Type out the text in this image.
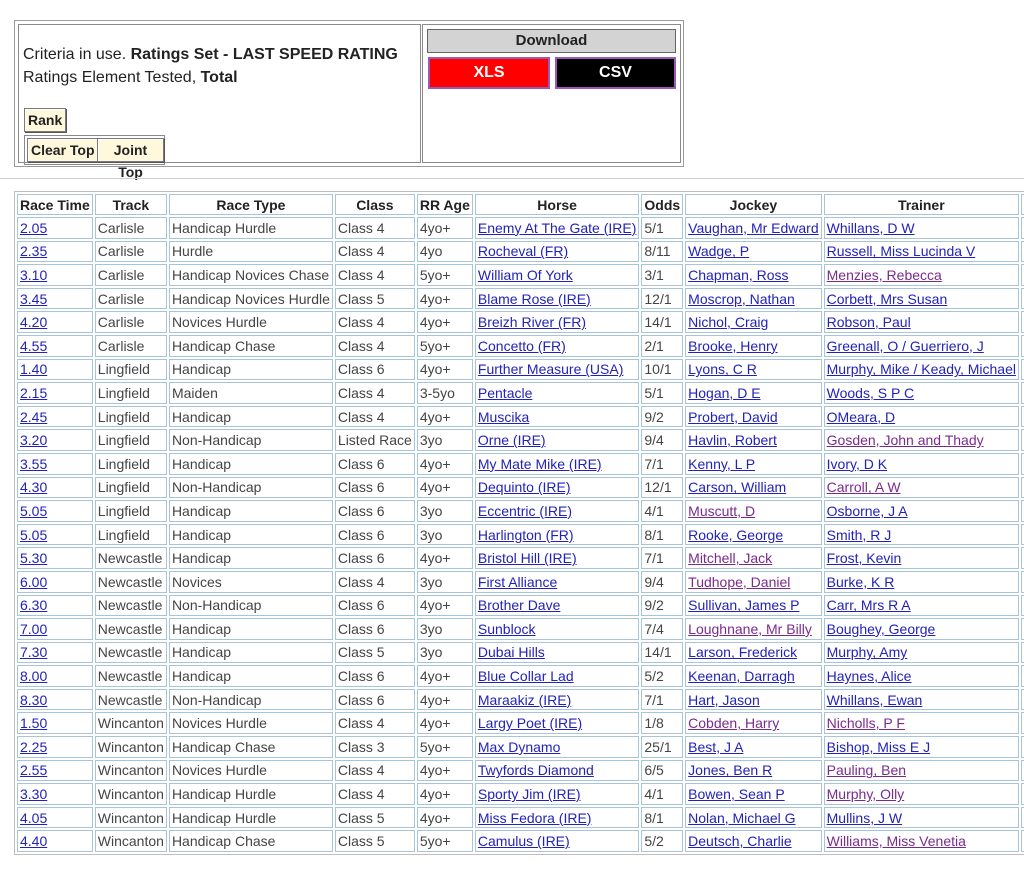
Criteria in use. Ratings Set - LAST SPEED RATING
Ratings Element Tested, Total
Rank
Clear Top	Joint Top
Download
XLS	CSV
Race Time	Track	Race Type	Class	RR Age	Horse	Odds	Jockey	Trainer	
2.05	Carlisle	Handicap Hurdle	Class 4	4yo+	Enemy At The Gate (IRE)	5/1	Vaughan, Mr Edward	Whillans, D W	
2.35	Carlisle	Hurdle	Class 4	4yo	Rocheval (FR)	8/11	Wadge, P	Russell, Miss Lucinda V	
3.10	Carlisle	Handicap Novices Chase	Class 4	5yo+	William Of York	3/1	Chapman, Ross	Menzies, Rebecca	
3.45	Carlisle	Handicap Novices Hurdle	Class 5	4yo+	Blame Rose (IRE)	12/1	Moscrop, Nathan	Corbett, Mrs Susan	
4.20	Carlisle	Novices Hurdle	Class 4	4yo+	Breizh River (FR)	14/1	Nichol, Craig	Robson, Paul	
4.55	Carlisle	Handicap Chase	Class 4	5yo+	Concetto (FR)	2/1	Brooke, Henry	Greenall, O / Guerriero, J	
1.40	Lingfield	Handicap	Class 6	4yo+	Further Measure (USA)	10/1	Lyons, C R	Murphy, Mike / Keady, Michael	
2.15	Lingfield	Maiden	Class 4	3-5yo	Pentacle	5/1	Hogan, D E	Woods, S P C	
2.45	Lingfield	Handicap	Class 4	4yo+	Muscika	9/2	Probert, David	OMeara, D	
3.20	Lingfield	Non-Handicap	Listed Race	3yo	Orne (IRE)	9/4	Havlin, Robert	Gosden, John and Thady	
3.55	Lingfield	Handicap	Class 6	4yo+	My Mate Mike (IRE)	7/1	Kenny, L P	Ivory, D K	
4.30	Lingfield	Non-Handicap	Class 6	4yo+	Dequinto (IRE)	12/1	Carson, William	Carroll, A W	
5.05	Lingfield	Handicap	Class 6	3yo	Eccentric (IRE)	4/1	Muscutt, D	Osborne, J A	
5.05	Lingfield	Handicap	Class 6	3yo	Harlington (FR)	8/1	Rooke, George	Smith, R J	
5.30	Newcastle	Handicap	Class 6	4yo+	Bristol Hill (IRE)	7/1	Mitchell, Jack	Frost, Kevin	
6.00	Newcastle	Novices	Class 4	3yo	First Alliance	9/4	Tudhope, Daniel	Burke, K R	
6.30	Newcastle	Non-Handicap	Class 6	4yo+	Brother Dave	9/2	Sullivan, James P	Carr, Mrs R A	
7.00	Newcastle	Handicap	Class 6	3yo	Sunblock	7/4	Loughnane, Mr Billy	Boughey, George	
7.30	Newcastle	Handicap	Class 5	3yo	Dubai Hills	14/1	Larson, Frederick	Murphy, Amy	
8.00	Newcastle	Handicap	Class 6	4yo+	Blue Collar Lad	5/2	Keenan, Darragh	Haynes, Alice	
8.30	Newcastle	Non-Handicap	Class 6	4yo+	Maraakiz (IRE)	7/1	Hart, Jason	Whillans, Ewan	
1.50	Wincanton	Novices Hurdle	Class 4	4yo+	Largy Poet (IRE)	1/8	Cobden, Harry	Nicholls, P F	
2.25	Wincanton	Handicap Chase	Class 3	5yo+	Max Dynamo	25/1	Best, J A	Bishop, Miss E J	
2.55	Wincanton	Novices Hurdle	Class 4	4yo+	Twyfords Diamond	6/5	Jones, Ben R	Pauling, Ben	
3.30	Wincanton	Handicap Hurdle	Class 4	4yo+	Sporty Jim (IRE)	4/1	Bowen, Sean P	Murphy, Olly	
4.05	Wincanton	Handicap Hurdle	Class 5	4yo+	Miss Fedora (IRE)	8/1	Nolan, Michael G	Mullins, J W	
4.40	Wincanton	Handicap Chase	Class 5	5yo+	Camulus (IRE)	5/2	Deutsch, Charlie	Williams, Miss Venetia	
